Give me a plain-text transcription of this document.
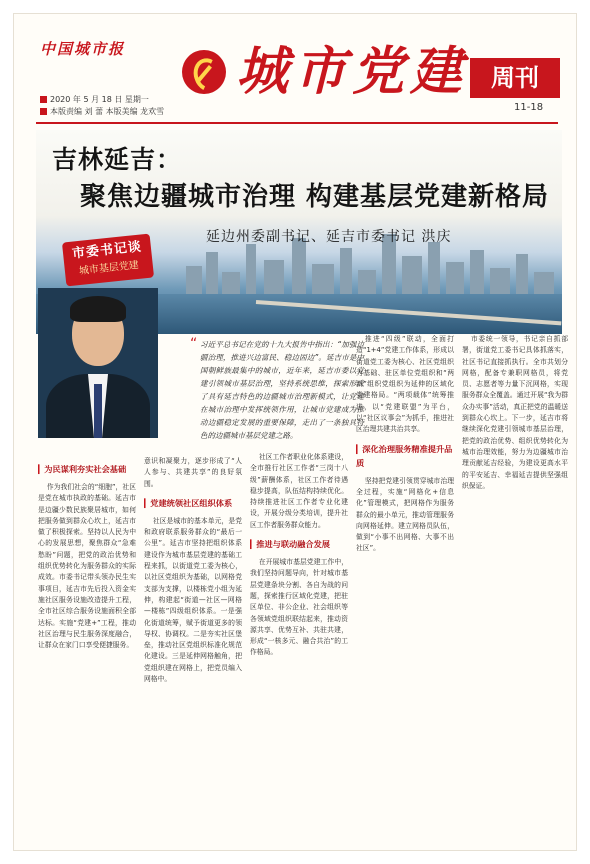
中国城市报 城市党建 周刊
11-18
2020 年 5 月 18 日 星期一
本版责编 刘 蕾 本版美编 龙欢雪
吉林延吉：
聚焦边疆城市治理 构建基层党建新格局
延边州委副书记、延吉市委书记 洪庆
市委书记谈
城市基层党建
“ 习近平总书记在党的十九大报告中指出：“加强边疆治理，推进兴边富民、稳边固边”。延吉市是中国朝鲜族最集中的城市，近年来，延吉市委以党建引领城市基层治理，坚持系统思维，探索形成了具有延吉特色的边疆城市治理新模式，让党建在城市治理中发挥统领作用，让城市党建成为推动边疆稳定发展的重要保障，走出了一条独具特色的边疆城市基层党建之路。
▎ 为民谋利夯实社会基础

作为我们社会的“细胞”，社区是党在城市执政的基础。延吉市是边疆少数民族聚居城市，如何把服务做到群众心坎上，延吉市做了积极探索。坚持以人民为中心的发展思想，聚焦群众“急难愁盼”问题，把党的政治优势和组织优势转化为服务群众的实际成效。市委书记带头领办民生实事项目，延吉市先后投入资金实施社区服务设施改造提升工程，全市社区综合服务设施面积全部达标。实施“党建+”工程，推动社区治理与民生服务深度融合，让群众在家门口享受便捷服务。

意识和凝聚力，逐步形成了“人人参与、共建共享”的良好氛围。

▎ 党建统领社区组织体系

社区是城市的基本单元，是党和政府联系服务群众的“最后一公里”。延吉市坚持把组织体系建设作为城市基层党建的基础工程来抓，以街道党工委为核心，以社区党组织为基础，以网格党支部为支撑，以楼栋党小组为延伸，构建起“街道—社区—网格—楼栋”四级组织体系。一是强化街道统筹，赋予街道更多的领导权、协调权。二是夯实社区堡垒，推动社区党组织标准化规范化建设。三是延伸网格触角，把党组织建在网格上，把党员编入网格中。

社区工作者职业化体系建设，全市推行社区工作者“三岗十八级”薪酬体系，社区工作者待遇稳步提高，队伍结构持续优化。持续推进社区工作者专业化建设，开展分级分类培训，提升社区工作者服务群众能力。

▎ 推进与联动融合发展

在开展城市基层党建工作中，我们坚持问题导向，针对城市基层党建条块分割、各自为战的问题，探索推行区域化党建，把驻区单位、非公企业、社会组织等各领域党组织联结起来，推动资源共享、优势互补、共驻共建，形成“一核多元、融合共治”的工作格局。

推进“四级”联动，全面打造“1+4”党建工作体系，形成以街道党工委为核心、社区党组织为基础、驻区单位党组织和“两新”组织党组织为延伸的区域化党建格局。“两项载体”统筹推进，以“党建联盟”为平台，以“社区议事会”为抓手，推进社区治理共建共治共享。

▎ 深化治理服务精准提升品质

坚持把党建引领贯穿城市治理全过程，实施“网格化+信息化”管理模式，把网格作为服务群众的最小单元，推动管理服务向网格延伸。建立网格员队伍，做到“小事不出网格、大事不出社区”。

市委统一领导，书记亲自抓部署，街道党工委书记具体抓落实，社区书记直接抓执行。全市共划分网格，配备专兼职网格员，将党员、志愿者等力量下沉网格，实现服务群众全覆盖。通过开展“我为群众办实事”活动，真正把党的温暖送到群众心坎上。下一步，延吉市将继续深化党建引领城市基层治理，把党的政治优势、组织优势转化为城市治理效能，努力为边疆城市治理贡献延吉经验，为建设更高水平的平安延吉、幸福延吉提供坚强组织保证。
